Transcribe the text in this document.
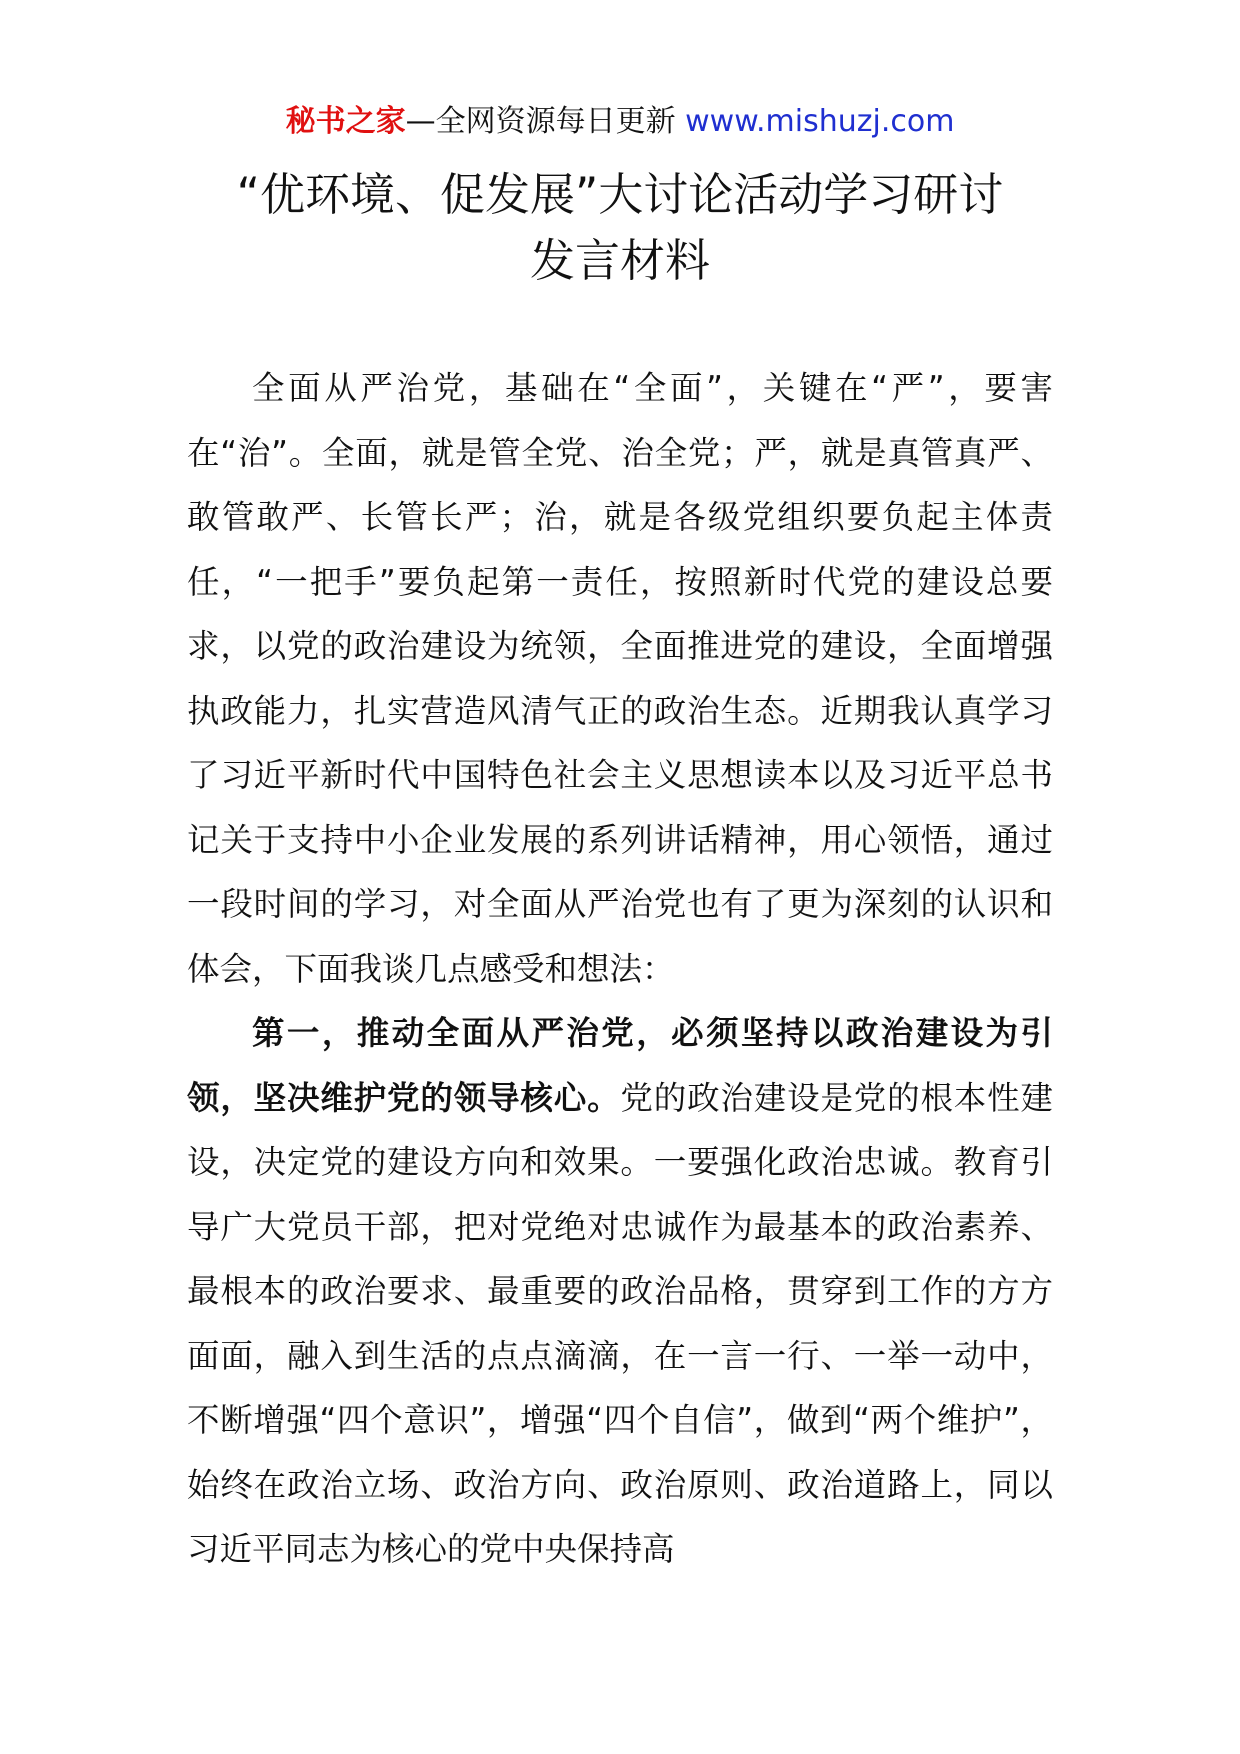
秘书之家—全网资源每日更新 www.mishuzj.com
“优环境、促发展”大讨论活动学习研讨
发言材料

全面从严治党，基础在“全面”，关键在“严”，要害在“治”。全面，就是管全党、治全党；严，就是真管真严、敢管敢严、长管长严；治，就是各级党组织要负起主体责任，“一把手”要负起第一责任，按照新时代党的建设总要求，以党的政治建设为统领，全面推进党的建设，全面增强执政能力，扎实营造风清气正的政治生态。近期我认真学习了习近平新时代中国特色社会主义思想读本以及习近平总书记关于支持中小企业发展的系列讲话精神，用心领悟，通过一段时间的学习，对全面从严治党也有了更为深刻的认识和体会，下面我谈几点感受和想法：

第一，推动全面从严治党，必须坚持以政治建设为引领，坚决维护党的领导核心。党的政治建设是党的根本性建设，决定党的建设方向和效果。一要强化政治忠诚。教育引导广大党员干部，把对党绝对忠诚作为最基本的政治素养、最根本的政治要求、最重要的政治品格，贯穿到工作的方方面面，融入到生活的点点滴滴，在一言一行、一举一动中，不断增强“四个意识”，增强“四个自信”，做到“两个维护”，始终在政治立场、政治方向、政治原则、政治道路上，同以习近平同志为核心的党中央保持高
